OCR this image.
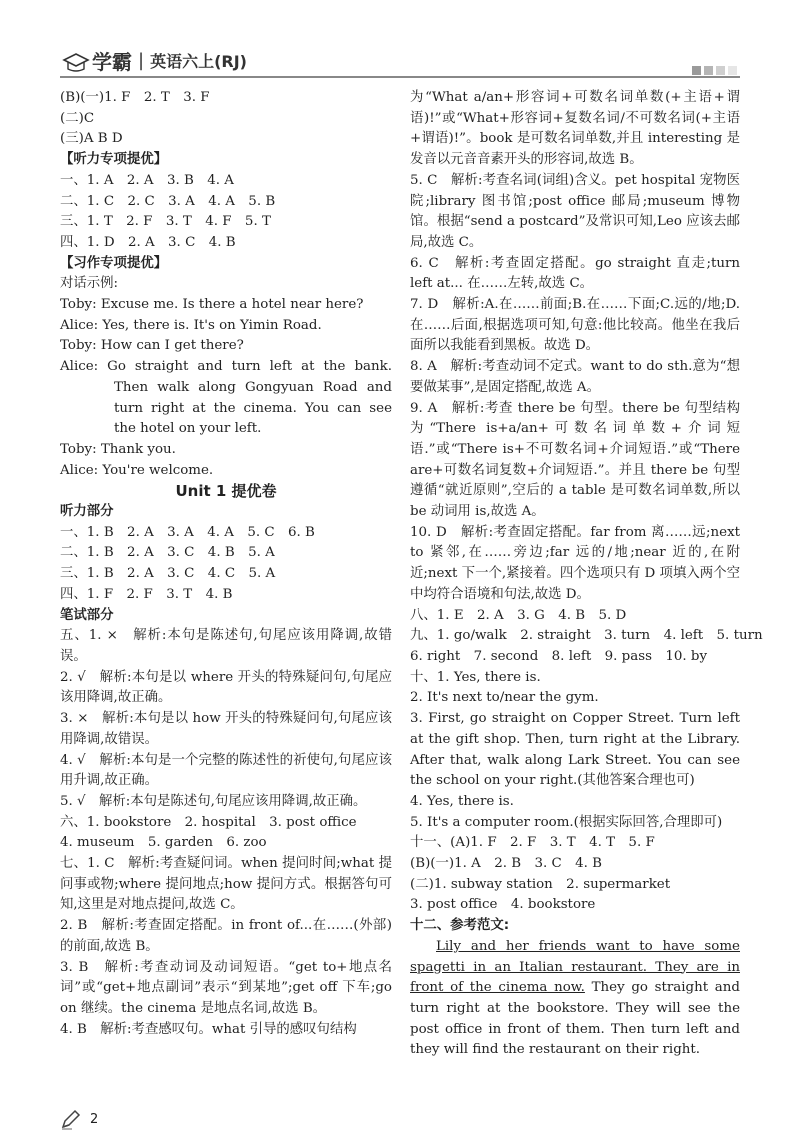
学霸 | 英语六上(RJ)
(B)(一)1. F　2. T　3. F
(二)C
(三)A B D
【听力专项提优】
一、1. A　2. A　3. B　4. A
二、1. C　2. C　3. A　4. A　5. B
三、1. T　2. F　3. T　4. F　5. T
四、1. D　2. A　3. C　4. B
【习作专项提优】
对话示例:
Toby: Excuse me. Is there a hotel near here?
Alice: Yes, there is. It's on Yimin Road.
Toby: How can I get there?
Alice: Go straight and turn left at the bank. Then walk along Gongyuan Road and turn right at the cinema. You can see the hotel on your left.
Toby: Thank you.
Alice: You're welcome.
Unit 1 提优卷
听力部分
一、1. B　2. A　3. A　4. A　5. C　6. B
二、1. B　2. A　3. C　4. B　5. A
三、1. B　2. A　3. C　4. C　5. A
四、1. F　2. F　3. T　4. B
笔试部分
五、1. ×　解析:本句是陈述句,句尾应该用降调,故错误。
2. √　解析:本句是以 where 开头的特殊疑问句,句尾应该用降调,故正确。
3. ×　解析:本句是以 how 开头的特殊疑问句,句尾应该用降调,故错误。
4. √　解析:本句是一个完整的陈述性的祈使句,句尾应该用升调,故正确。
5. √　解析:本句是陈述句,句尾应该用降调,故正确。
六、1. bookstore　2. hospital　3. post office
4. museum　5. garden　6. zoo
七、1. C　解析:考查疑问词。when 提问时间;what 提问事或物;where 提问地点;how 提问方式。根据答句可知,这里是对地点提问,故选 C。
2. B　解析:考查固定搭配。in front of...在……(外部)的前面,故选 B。
3. B　解析:考查动词及动词短语。“get to+地点名词”或“get+地点副词”表示“到某地”;get off 下车;go on 继续。the cinema 是地点名词,故选 B。
4. B　解析:考查感叹句。what 引导的感叹句结构
为“What a/an+形容词+可数名词单数(+主语+谓语)!”或“What+形容词+复数名词/不可数名词(+主语+谓语)!”。book 是可数名词单数,并且 interesting 是发音以元音音素开头的形容词,故选 B。
5. C　解析:考查名词(词组)含义。pet hospital 宠物医院;library 图书馆;post office 邮局;museum 博物馆。根据“send a postcard”及常识可知,Leo 应该去邮局,故选 C。
6. C　解析:考查固定搭配。go straight 直走;turn left at... 在……左转,故选 C。
7. D　解析:A.在……前面;B.在……下面;C.远的/地;D.在……后面,根据选项可知,句意:他比较高。他坐在我后面所以我能看到黑板。故选 D。
8. A　解析:考查动词不定式。want to do sth.意为“想要做某事”,是固定搭配,故选 A。
9. A　解析:考查 there be 句型。there be 句型结构为“There is+a/an+可数名词单数+介词短语.”或“There is+不可数名词+介词短语.”或“There are+可数名词复数+介词短语.”。并且 there be 句型遵循“就近原则”,空后的 a table 是可数名词单数,所以 be 动词用 is,故选 A。
10. D　解析:考查固定搭配。far from 离……远;next to 紧邻,在……旁边;far 远的/地;near 近的,在附近;next 下一个,紧接着。四个选项只有 D 项填入两个空中均符合语境和句法,故选 D。
八、1. E　2. A　3. G　4. B　5. D
九、1. go/walk　2. straight　3. turn　4. left　5. turn
6. right　7. second　8. left　9. pass　10. by
十、1. Yes, there is.
2. It's next to/near the gym.
3. First, go straight on Copper Street. Turn left at the gift shop. Then, turn right at the Library. After that, walk along Lark Street. You can see the school on your right.(其他答案合理也可)
4. Yes, there is.
5. It's a computer room.(根据实际回答,合理即可)
十一、(A)1. F　2. F　3. T　4. T　5. F
(B)(一)1. A　2. B　3. C　4. B
(二)1. subway station　2. supermarket
3. post office　4. bookstore
十二、参考范文:
Lily and her friends want to have some spagetti in an Italian restaurant. They are in front of the cinema now. They go straight and turn right at the bookstore. They will see the post office in front of them. Then turn left and they will find the restaurant on their right.
2
